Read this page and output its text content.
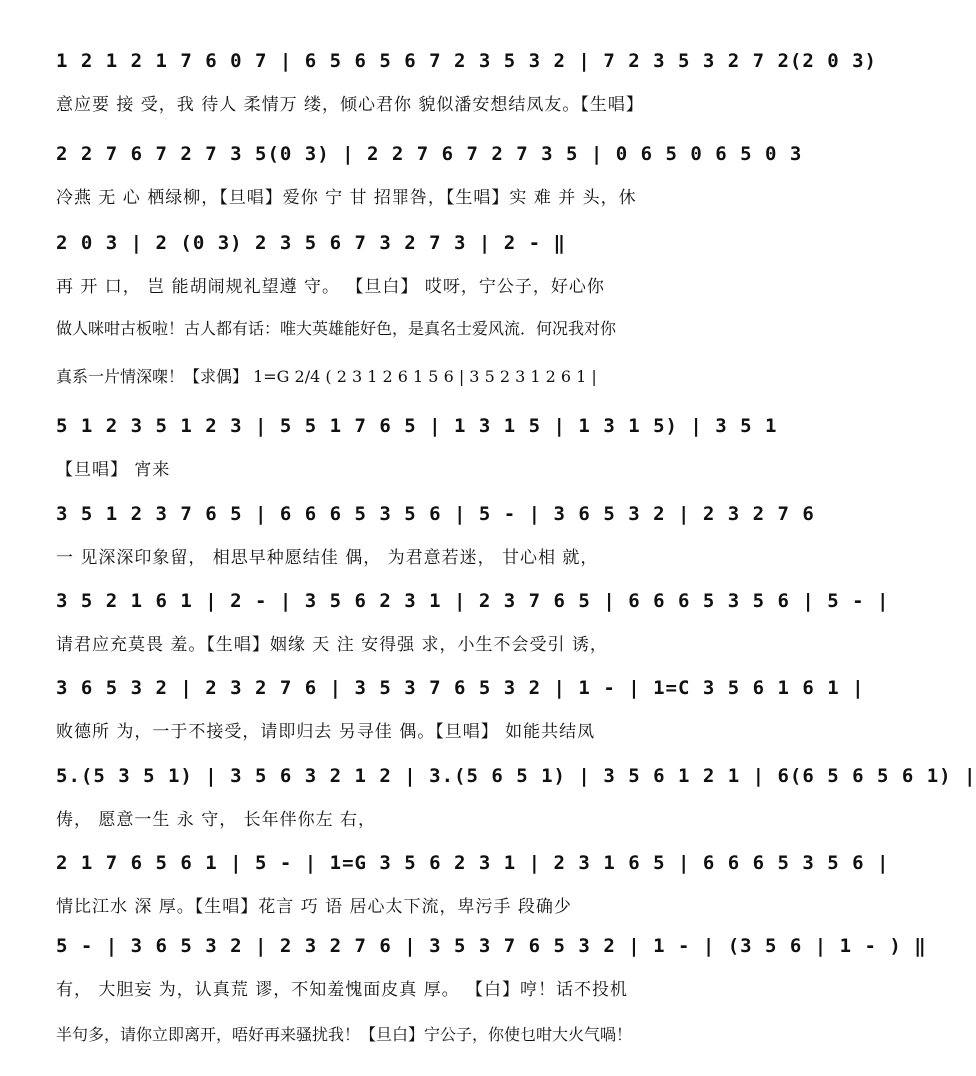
1 2 1 2 1 7 6 0 7 | 6 5 6 5 6 7 2 3 5 3 2 | 7 2 3 5 3 2 7 2(2 0 3)
意应要 接 受，我 待人 柔情万 缕，倾心君你 貌似潘安想结凤友。【生唱】
2 2 7 6 7 2 7 3 5(0 3) | 2 2 7 6 7 2 7 3 5 | 0 6 5 0 6 5 0 3
冷燕 无 心 栖绿柳，【旦唱】爱你 宁 甘 招罪咎，【生唱】实 难 并 头，休
2 0 3 | 2 (0 3) 2 3 5 6 7 3 2 7 3 | 2 - ‖
再 开 口， 岂 能胡闹规礼望遵 守。 【旦白】 哎呀，宁公子，好心你
做人咪咁古板啦！古人都有话：唯大英雄能好色，是真名士爱风流．何况我对你
真系一片情深㗎！【求偶】 1=G 2/4 ( 2 3 1 2 6 1 5 6 | 3 5 2 3 1 2 6 1 |
5 1 2 3 5 1 2 3 | 5 5 1 7 6 5 | 1 3 1 5 | 1 3 1 5) | 3 5 1
【旦唱】 宵来
3 5 1 2 3 7 6 5 | 6 6 6 5 3 5 6 | 5 - | 3 6 5 3 2 | 2 3 2 7 6
一 见深深印象留， 相思早种愿结佳 偶， 为君意若迷， 甘心相 就，
3 5 2 1 6 1 | 2 - | 3 5 6 2 3 1 | 2 3 7 6 5 | 6 6 6 5 3 5 6 | 5 - |
请君应充莫畏 羞。【生唱】姻缘 天 注 安得强 求，小生不会受引 诱，
3 6 5 3 2 | 2 3 2 7 6 | 3 5 3 7 6 5 3 2 | 1 - | 1=C 3 5 6 1 6 1 |
败德所 为，一于不接受，请即归去 另寻佳 偶。【旦唱】 如能共结凤
5.(5 3 5 1) | 3 5 6 3 2 1 2 | 3.(5 6 5 1) | 3 5 6 1 2 1 | 6(6 5 6 5 6 1) |
俦， 愿意一生 永 守， 长年伴你左 右，
2 1 7 6 5 6 1 | 5 - | 1=G 3 5 6 2 3 1 | 2 3 1 6 5 | 6 6 6 5 3 5 6 |
情比江水 深 厚。【生唱】花言 巧 语 居心太下流，卑污手 段确少
5 - | 3 6 5 3 2 | 2 3 2 7 6 | 3 5 3 7 6 5 3 2 | 1 - | (3 5 6 | 1 - ) ‖
有， 大胆妄 为，认真荒 谬，不知羞愧面皮真 厚。 【白】哼！话不投机
半句多，请你立即离开，唔好再来骚扰我！【旦白】宁公子，你使乜咁大火气喎！
